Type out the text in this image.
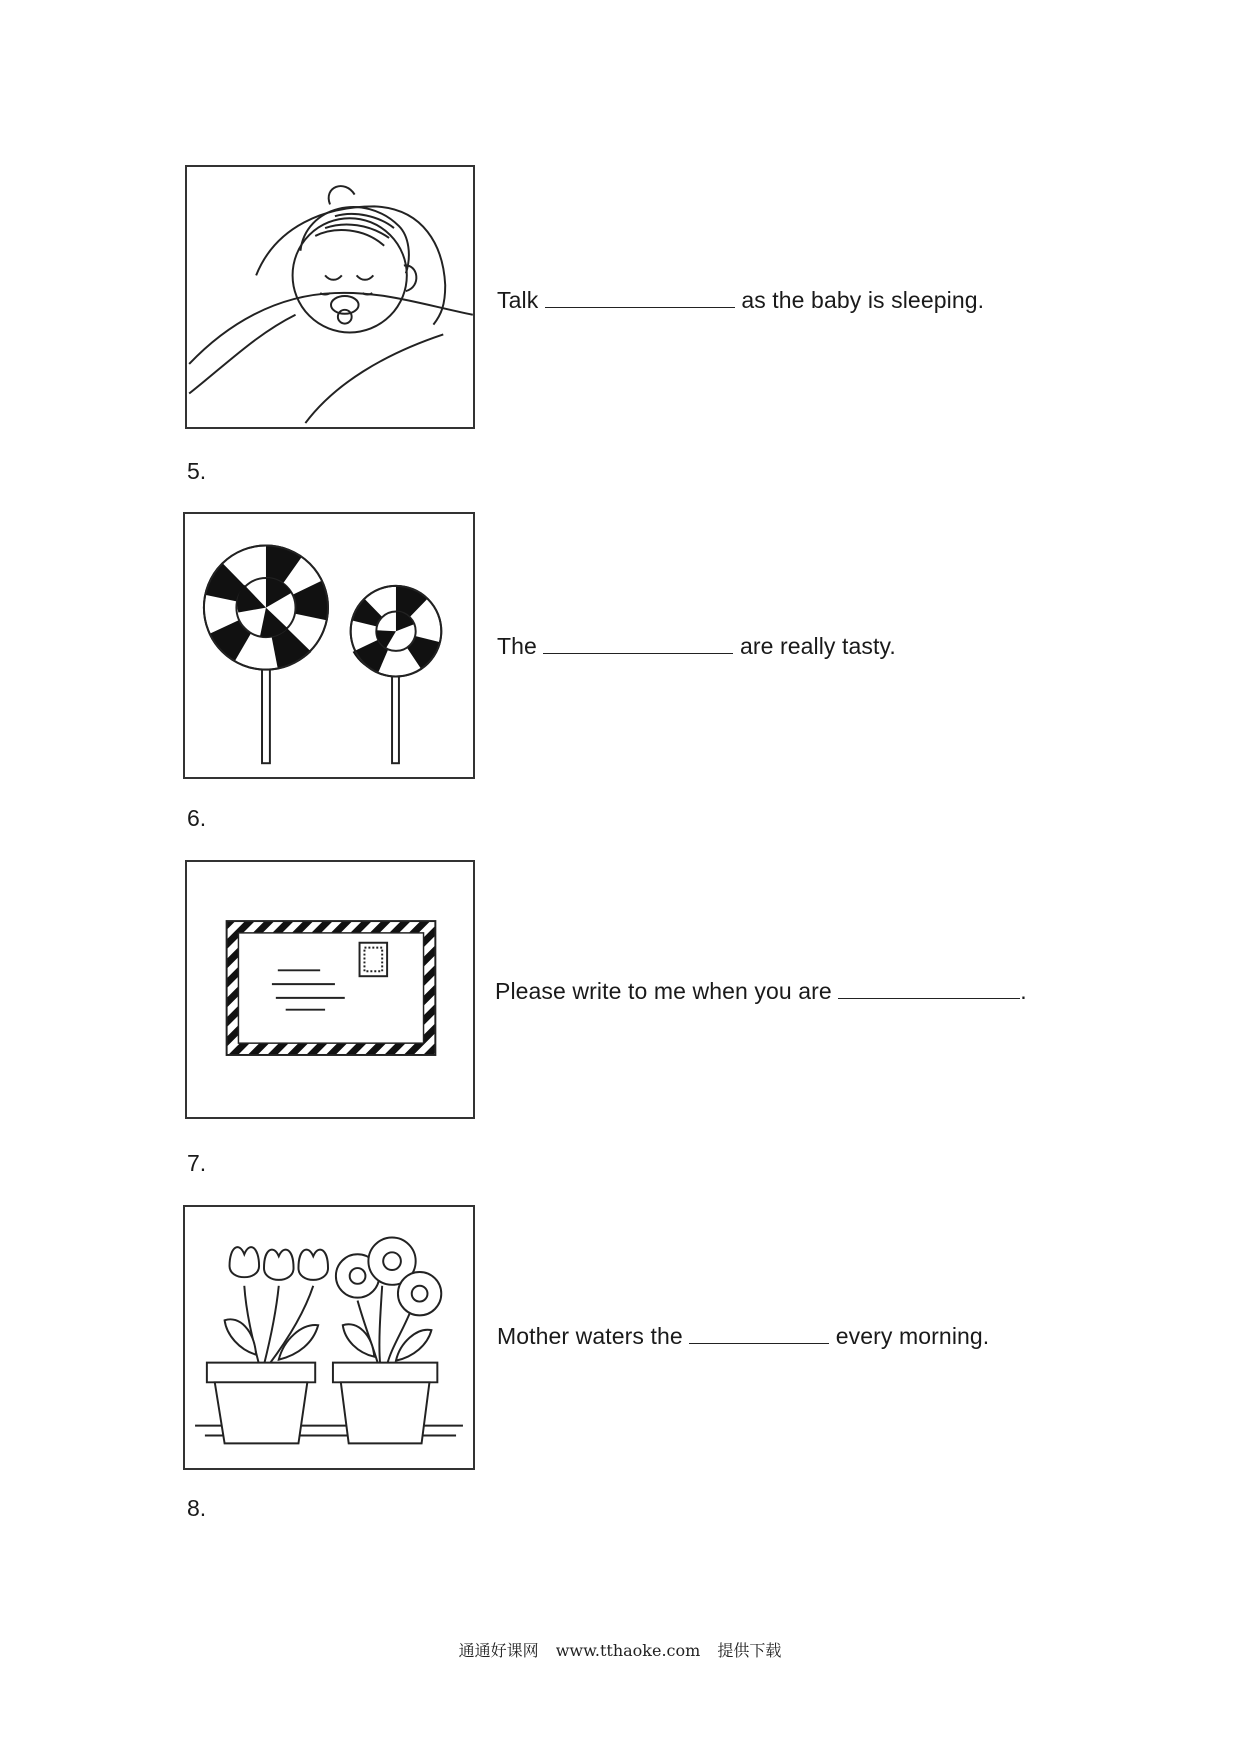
Talk	as the baby is sleeping.
5.
The	are really tasty.
6.
Please write to me when you are	.
7.
Mother waters the	every morning.
8.
通通好课网 www.tthaoke.com 提供下载
